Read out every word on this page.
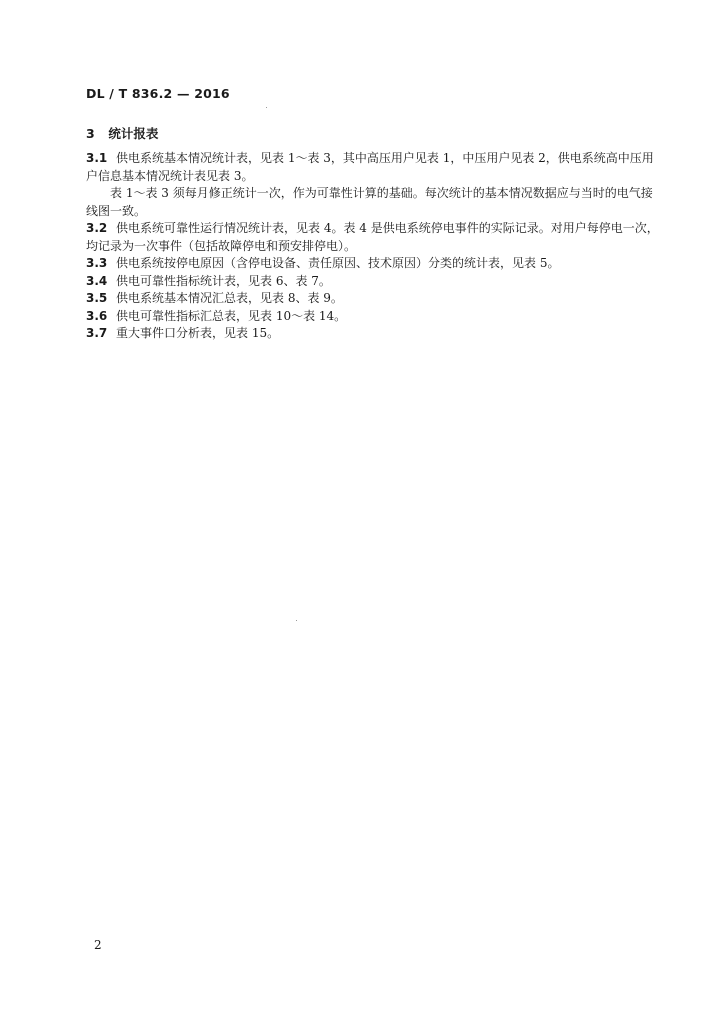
DL / T 836.2 — 2016
3 统计报表
3.1 供电系统基本情况统计表，见表 1～表 3，其中高压用户见表 1，中压用户见表 2，供电系统高中压用户信息基本情况统计表见表 3。
表 1～表 3 须每月修正统计一次，作为可靠性计算的基础。每次统计的基本情况数据应与当时的电气接线图一致。
3.2 供电系统可靠性运行情况统计表，见表 4。表 4 是供电系统停电事件的实际记录。对用户每停电一次，均记录为一次事件（包括故障停电和预安排停电）。
3.3 供电系统按停电原因（含停电设备、责任原因、技术原因）分类的统计表，见表 5。
3.4 供电可靠性指标统计表，见表 6、表 7。
3.5 供电系统基本情况汇总表，见表 8、表 9。
3.6 供电可靠性指标汇总表，见表 10～表 14。
3.7 重大事件口分析表，见表 15。
2
